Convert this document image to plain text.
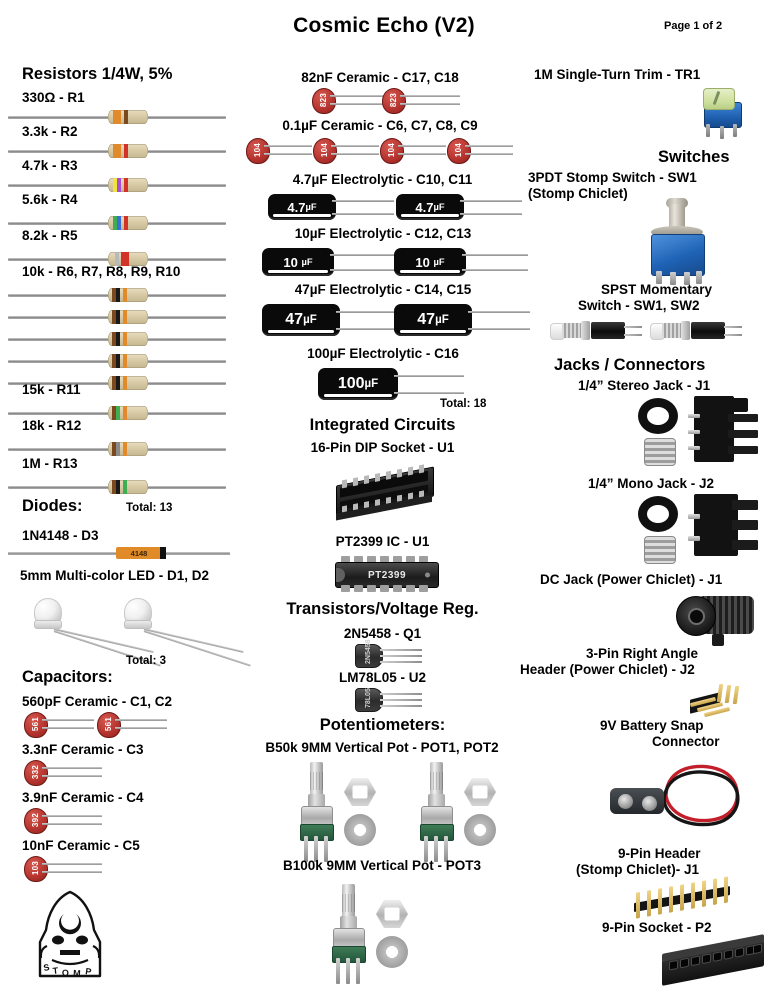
Cosmic Echo (V2)	Page 1 of 2
Resistors 1/4W, 5%
330Ω - R1
3.3k - R2
4.7k - R3
5.6k - R4
8.2k - R5
10k - R6, R7, R8, R9, R10
15k - R11
18k - R12
1M - R13
Diodes:	Total: 13
1N4148 - D3
4148
5mm Multi-color LED - D1, D2
Total: 3
Capacitors:
560pF Ceramic - C1, C2
561	561
3.3nF Ceramic - C3
332
3.9nF Ceramic - C4
392
10nF Ceramic - C5
103
S T O M P
82nF Ceramic - C17, C18
823	823
0.1µF Ceramic - C6, C7, C8, C9
104	104	104	104
4.7µF Electrolytic - C10, C11
4.7 µF	4.7 µF
10µF Electrolytic - C12, C13
10
µF	10
µF
47µF Electrolytic - C14, C15
47 µF	47 µF
100µF Electrolytic - C16
100 µF
Total: 18
Integrated Circuits
16-Pin DIP Socket - U1
PT2399 IC - U1
PT2399
Transistors/Voltage Reg.
2N5458 - Q1
2N5458
LM78L05 - U2
78L05
Potentiometers:
B50k 9MM Vertical Pot - POT1, POT2
B100k 9MM Vertical Pot - POT3
1M Single-Turn Trim - TR1
Switches
3PDT Stomp Switch - SW1
(Stomp Chiclet)
SPST Momentary
Switch - SW1, SW2
Jacks / Connectors
1/4” Stereo Jack - J1
1/4” Mono Jack - J2
DC Jack (Power Chiclet) - J1
3-Pin Right Angle
Header (Power Chiclet) - J2
9V Battery Snap
Connector
9-Pin Header
(Stomp Chiclet)- J1
9-Pin Socket - P2
